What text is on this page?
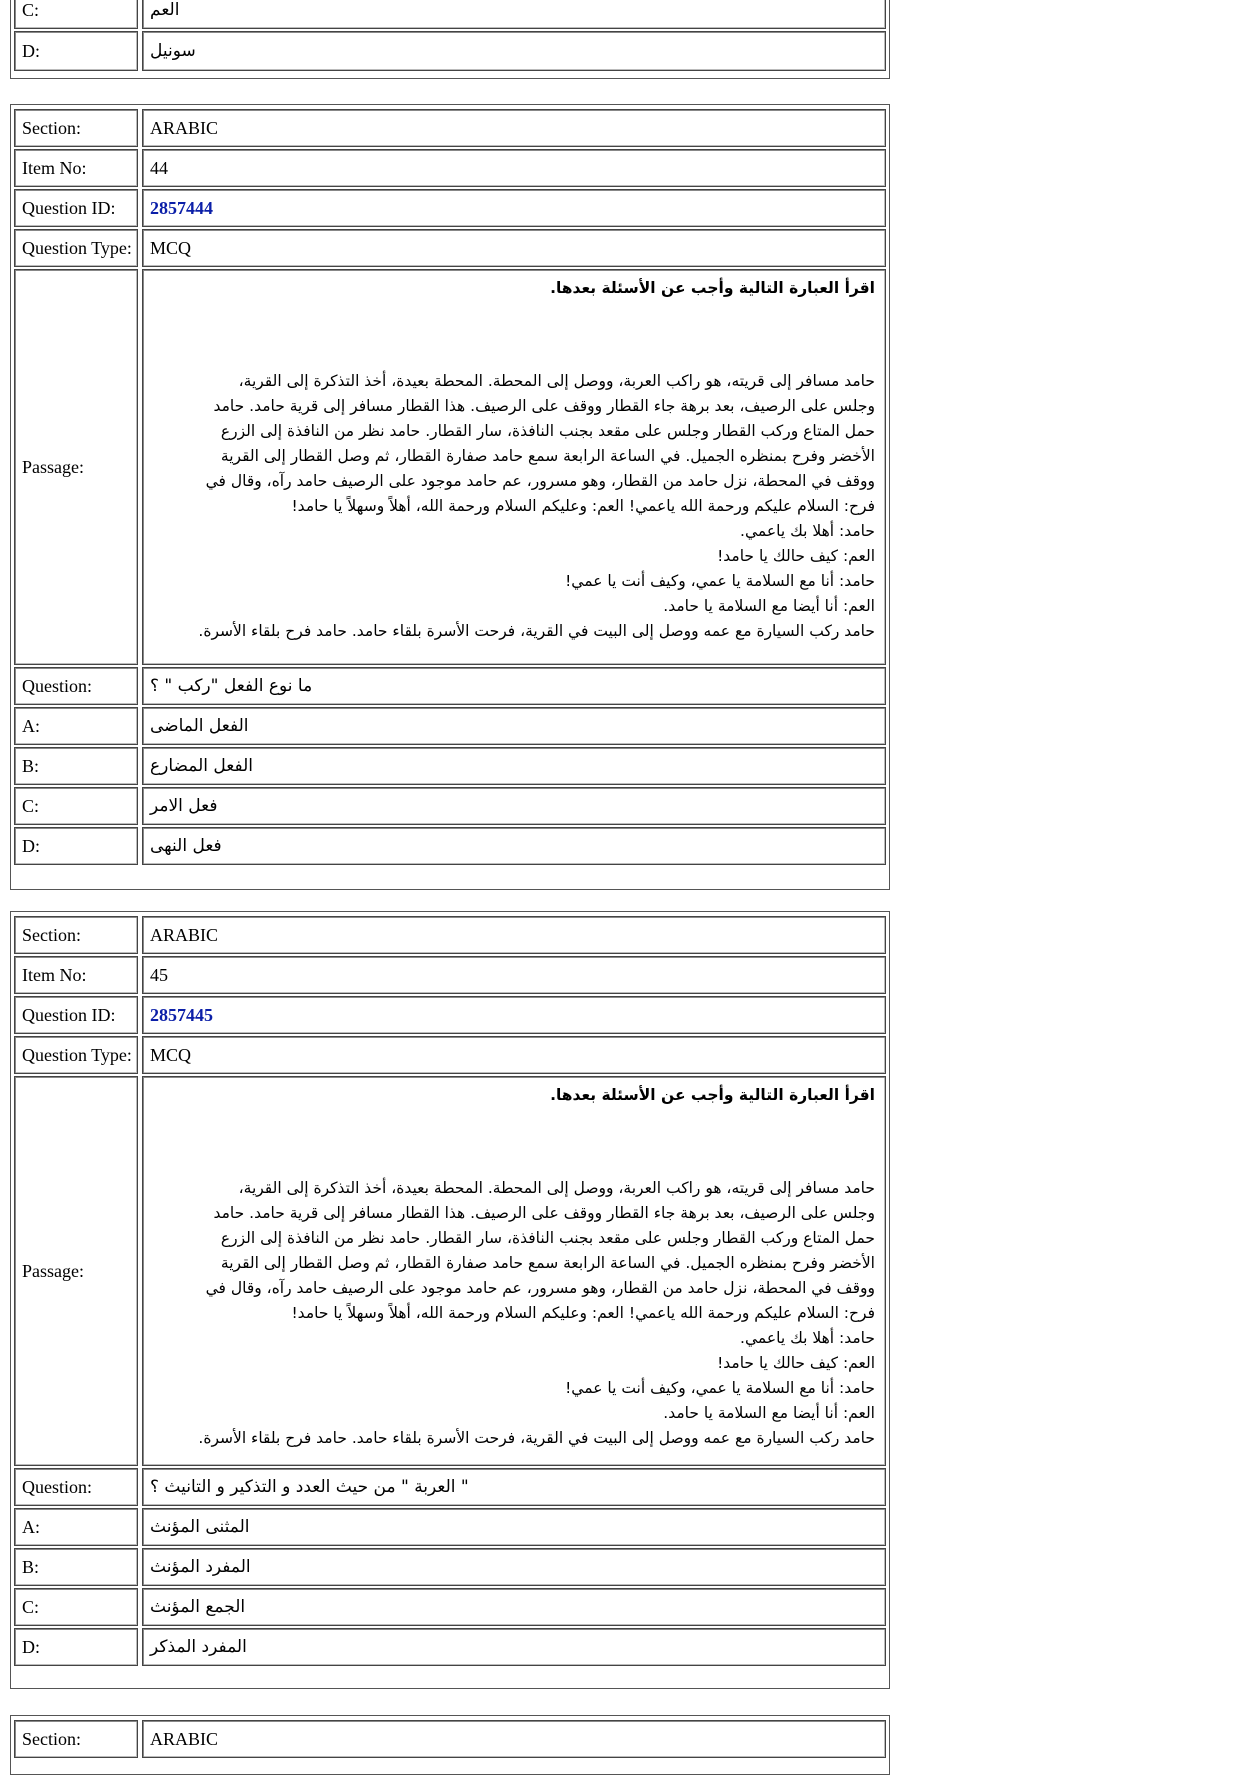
C:	العم
D:	سونيل
Section:	ARABIC
Item No:	44
Question ID:	2857444
Question Type:	MCQ
Passage:

اقرأ العبارة التالية وأجب عن الأسئلة بعدها.

حامد مسافر إلى قريته، هو راكب العربة، ووصل إلى المحطة. المحطة بعيدة، أخذ التذكرة إلى القرية،

وجلس على الرصيف، بعد برهة جاء القطار ووقف على الرصيف. هذا القطار مسافر إلى قرية حامد. حامد

حمل المتاع وركب القطار وجلس على مقعد بجنب النافذة، سار القطار. حامد نظر من النافذة إلى الزرع

الأخضر وفرح بمنظره الجميل. في الساعة الرابعة سمع حامد صفارة القطار، ثم وصل القطار إلى القرية

ووقف في المحطة، نزل حامد من القطار، وهو مسرور، عم حامد موجود على الرصيف حامد رآه، وقال في

فرح: السلام عليكم ورحمة الله ياعمي! العم: وعليكم السلام ورحمة الله، أهلاً وسهلاً يا حامد!

حامد: أهلا بك ياعمي.

العم: كيف حالك يا حامد!

حامد: أنا مع السلامة يا عمي، وكيف أنت يا عمي!

العم: أنا أيضا مع السلامة يا حامد.

حامد ركب السيارة مع عمه ووصل إلى البيت في القرية، فرحت الأسرة بلقاء حامد. حامد فرح بلقاء الأسرة.

Question:	ما نوع الفعل "ركب " ؟
A:	الفعل الماضى
B:	الفعل المضارع
C:	فعل الامر
D:	فعل النهى
Section:	ARABIC
Item No:	45
Question ID:	2857445
Question Type:	MCQ
Passage:

اقرأ العبارة التالية وأجب عن الأسئلة بعدها.

حامد مسافر إلى قريته، هو راكب العربة، ووصل إلى المحطة. المحطة بعيدة، أخذ التذكرة إلى القرية،

وجلس على الرصيف، بعد برهة جاء القطار ووقف على الرصيف. هذا القطار مسافر إلى قرية حامد. حامد

حمل المتاع وركب القطار وجلس على مقعد بجنب النافذة، سار القطار. حامد نظر من النافذة إلى الزرع

الأخضر وفرح بمنظره الجميل. في الساعة الرابعة سمع حامد صفارة القطار، ثم وصل القطار إلى القرية

ووقف في المحطة، نزل حامد من القطار، وهو مسرور، عم حامد موجود على الرصيف حامد رآه، وقال في

فرح: السلام عليكم ورحمة الله ياعمي! العم: وعليكم السلام ورحمة الله، أهلاً وسهلاً يا حامد!

حامد: أهلا بك ياعمي.

العم: كيف حالك يا حامد!

حامد: أنا مع السلامة يا عمي، وكيف أنت يا عمي!

العم: أنا أيضا مع السلامة يا حامد.

حامد ركب السيارة مع عمه ووصل إلى البيت في القرية، فرحت الأسرة بلقاء حامد. حامد فرح بلقاء الأسرة.

Question:	" العربة " من حيث العدد و التذكير و التانيث ؟
A:	المثنى المؤنث
B:	المفرد المؤنث
C:	الجمع المؤنث
D:	المفرد المذكر
Section:	ARABIC
